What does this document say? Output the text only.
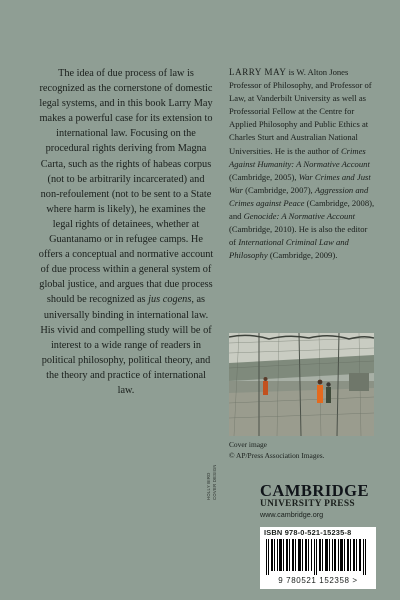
The idea of due process of law is recognized as the cornerstone of domestic legal systems, and in this book Larry May makes a powerful case for its extension to international law. Focusing on the procedural rights deriving from Magna Carta, such as the rights of habeas corpus (not to be arbitrarily incarcerated) and non-refoulement (not to be sent to a State where harm is likely), he examines the legal rights of detainees, whether at Guantanamo or in refugee camps. He offers a conceptual and normative account of due process within a general system of global justice, and argues that due process should be recognized as jus cogens, as universally binding in international law. His vivid and compelling study will be of interest to a wide range of readers in political philosophy, political theory, and the theory and practice of international law.

LARRY MAY is W. Alton Jones Professor of Philosophy, and Professor of Law, at Vanderbilt University as well as Professorial Fellow at the Centre for Applied Philosophy and Public Ethics at Charles Sturt and Australian National Universities. He is the author of Crimes Against Humanity: A Normative Account (Cambridge, 2005), War Crimes and Just War (Cambridge, 2007), Aggression and Crimes against Peace (Cambridge, 2008), and Genocide: A Normative Account (Cambridge, 2010). He is also the editor of International Criminal Law and Philosophy (Cambridge, 2009).

Cover image
© AP/Press Association Images.
COVER DESIGN
HOLLY BIRD	CAMBRIDGE
UNIVERSITY PRESS
www.cambridge.org
ISBN 978-0-521-15235-8
9 780521 152358 >
